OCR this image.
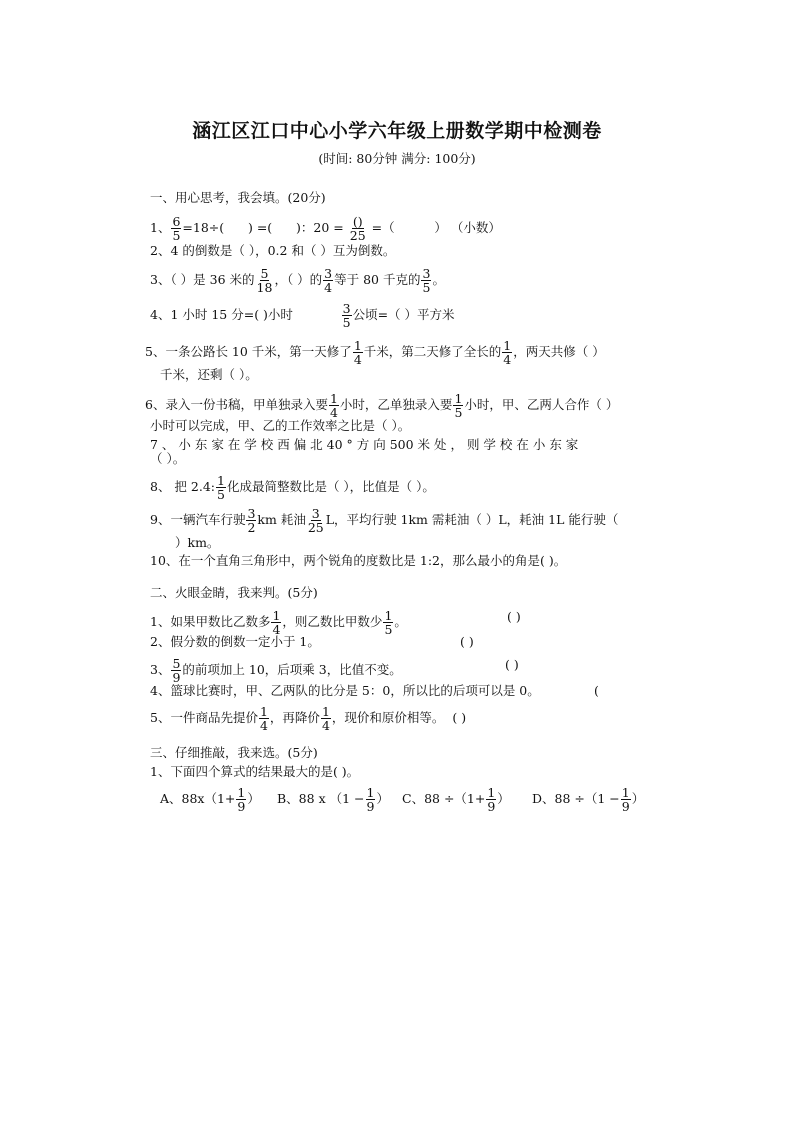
涵江区江口中心小学六年级上册数学期中检测卷
(时间: 80分钟 满分: 100分)
一、用心思考，我会填。(20分)
1、 $\frac{6}{5} =18\div$( ) =( )：$20 = \frac{()}{25}$ =（	） （小数）
2、4 的倒数是（ ），0.2 和（ ）互为倒数。
3、（ ）是 36 米的 $\frac{5}{18}$ ，（ ）的 $\frac{3}{4}$ 等于 80 千克的 $\frac{3}{5}$ 。
4、1 小时 15 分=( )小时	$\frac{3}{5}$ 公顷=（ ）平方米
5、一条公路长 10 千米，第一天修了 $\frac{1}{4}$ 千米，第二天修了全长的 $\frac{1}{4}$ ，两天共修（ ）
千米，还剩（ ）。
6、录入一份书稿，甲单独录入要 $\frac{1}{4}$ 小时，乙单独录入要 $\frac{1}{5}$ 小时，甲、乙两人合作（ ）
小时可以完成，甲、乙的工作效率之比是（ ）。
7 、 小 东 家 在 学 校 西 偏 北 40 ° 方 向 500 米 处 ， 则 学 校 在 小 东 家
（ ）。
8、 把 2.4: $\frac{1}{5}$ 化成最简整数比是（ ），比值是（ ）。
9、一辆汽车行驶 $\frac{3}{2}$ km 耗油 $\frac{3}{25}$ L，平均行驶 1km 需耗油（ ）L，耗油 1L 能行驶（
）km。
10、在一个直角三角形中，两个锐角的度数比是 1:2，那么最小的角是( )。
二、火眼金睛，我来判。(5分)
1、如果甲数比乙数多 $\frac{1}{4}$ ，则乙数比甲数少 $\frac{1}{5}$ 。	( )
2、假分数的倒数一定小于 1。	( )
3、 $\frac{5}{9}$ 的前项加上 10，后项乘 3，比值不变。	( )
4、篮球比赛时，甲、乙两队的比分是 5：0，所以比的后项可以是 0。	(
5、一件商品先提价 $\frac{1}{4}$ ，再降价 $\frac{1}{4}$ ，现价和原价相等。 ( )
三、仔细推敲，我来选。(5分)
1、下面四个算式的结果最大的是( )。
A、$88x(1+ \frac{1}{9}$ ） B、88 x （$1 - \frac{1}{9}$ ） C、$88 \div(1+ \frac{1}{9}$ ） D、$88 \div(1 - \frac{1}{9}$ ）
